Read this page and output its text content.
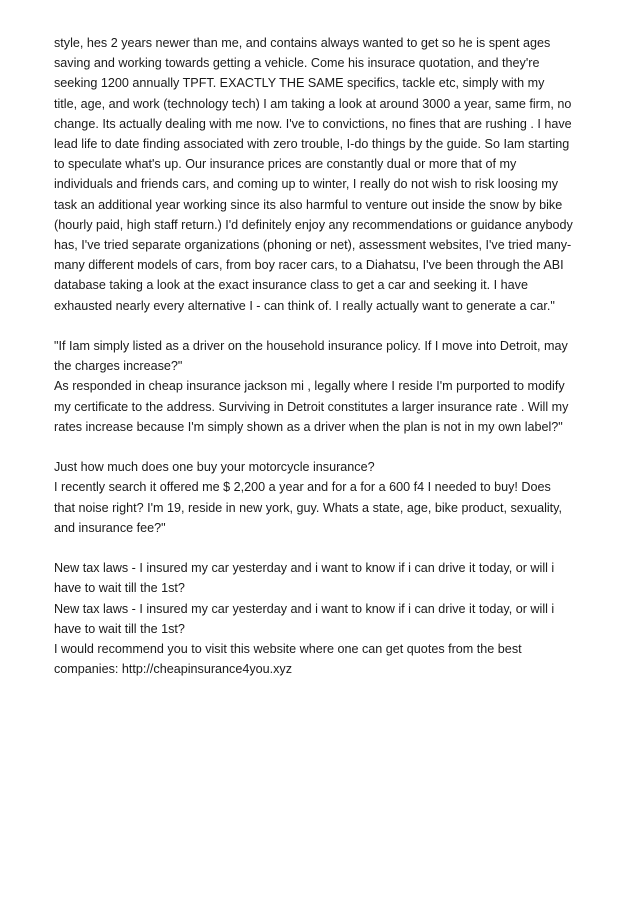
style, hes 2 years newer than me, and contains always wanted to get so he is spent ages
saving and working towards getting a vehicle. Come his insurace quotation, and they're
seeking 1200 annually TPFT. EXACTLY THE SAME specifics, tackle etc, simply with my
title, age, and work (technology tech) I am taking a look at around 3000 a year, same firm, no
change. Its actually dealing with me now. I've to convictions, no fines that are rushing . I have
lead life to date finding associated with zero trouble, I-do things by the guide. So Iam starting
to speculate what's up. Our insurance prices are constantly dual or more that of my
individuals and friends cars, and coming up to winter, I really do not wish to risk loosing my
task an additional year working since its also harmful to venture out inside the snow by bike
(hourly paid, high staff return.) I'd definitely enjoy any recommendations or guidance anybody
has, I've tried separate organizations (phoning or net), assessment websites, I've tried many-
many different models of cars, from boy racer cars, to a Diahatsu, I've been through the ABI
database taking a look at the exact insurance class to get a car and seeking it. I have
exhausted nearly every alternative I - can think of. I really actually want to generate a car."
"If Iam simply listed as a driver on the household insurance policy. If I move into Detroit, may
the charges increase?"
As responded in cheap insurance jackson mi , legally where I reside I'm purported to modify
my certificate to the address. Surviving in Detroit constitutes a larger insurance rate . Will my
rates increase because I'm simply shown as a driver when the plan is not in my own label?"
Just how much does one buy your motorcycle insurance?
I recently search it offered me $ 2,200 a year and for a for a 600 f4 I needed to buy! Does
that noise right? I'm 19, reside in new york, guy. Whats a state, age, bike product, sexuality,
and insurance fee?"
New tax laws - I insured my car yesterday and i want to know if i can drive it today, or will i
have to wait till the 1st?
New tax laws - I insured my car yesterday and i want to know if i can drive it today, or will i
have to wait till the 1st?
I would recommend you to visit this website where one can get quotes from the best
companies: http://cheapinsurance4you.xyz
